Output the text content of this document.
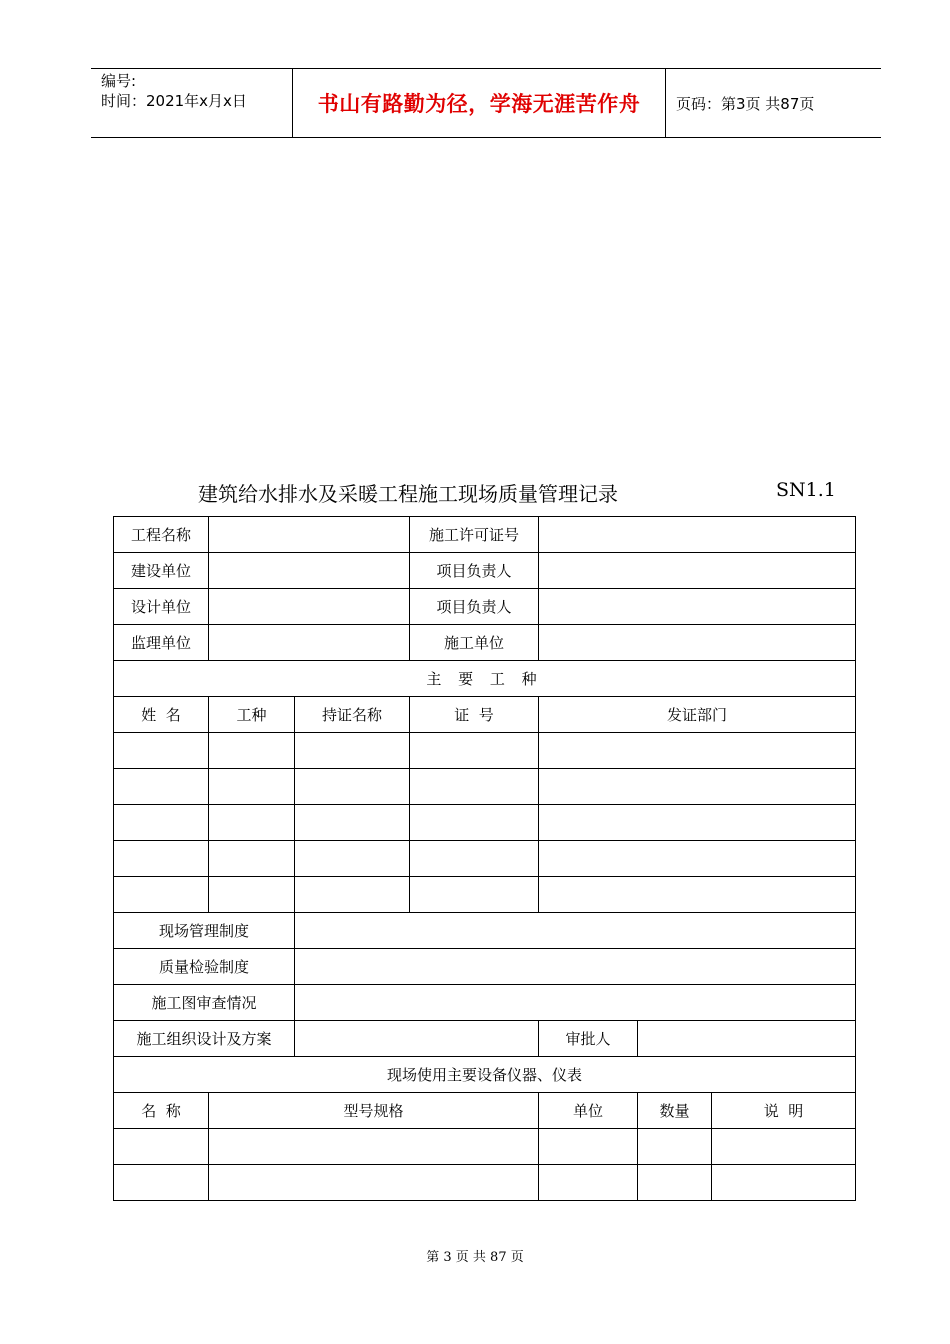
编号:
时间：2021年x月x日	书山有路勤为径，学海无涯苦作舟	页码：第3页 共87页
建筑给水排水及采暖工程施工现场质量管理记录	SN1.1
工程名称			施工许可证号			
建设单位			项目负责人			
设计单位			项目负责人			
监理单位			施工单位			
主 要 工 种						
姓  名	工种	持证名称	证  号	发证部门		

现场管理制度						
质量检验制度						
施工图审查情况						
施工组织设计及方案				审批人		
现场使用主要设备仪器、仪表						
名  称	型号规格			单位	数量	说  明

第 3 页 共 87 页
